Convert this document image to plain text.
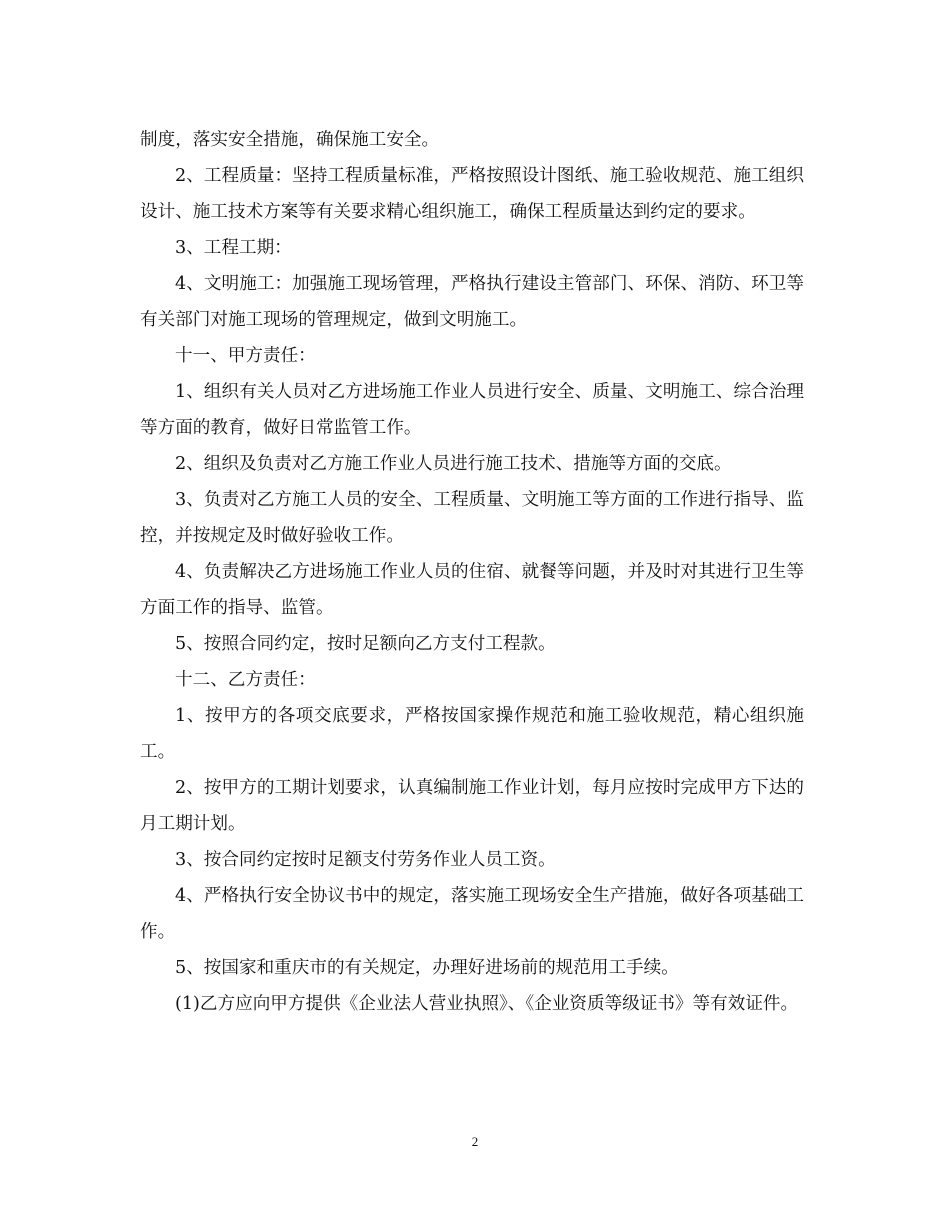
制度，落实安全措施，确保施工安全。

2、工程质量：坚持工程质量标准，严格按照设计图纸、施工验收规范、施工组织设计、施工技术方案等有关要求精心组织施工，确保工程质量达到约定的要求。

3、工程工期：

4、文明施工：加强施工现场管理，严格执行建设主管部门、环保、消防、环卫等有关部门对施工现场的管理规定，做到文明施工。

十一、甲方责任：

1、组织有关人员对乙方进场施工作业人员进行安全、质量、文明施工、综合治理等方面的教育，做好日常监管工作。

2、组织及负责对乙方施工作业人员进行施工技术、措施等方面的交底。

3、负责对乙方施工人员的安全、工程质量、文明施工等方面的工作进行指导、监控，并按规定及时做好验收工作。

4、负责解决乙方进场施工作业人员的住宿、就餐等问题，并及时对其进行卫生等方面工作的指导、监管。

5、按照合同约定，按时足额向乙方支付工程款。

十二、乙方责任：

1、按甲方的各项交底要求，严格按国家操作规范和施工验收规范，精心组织施工。

2、按甲方的工期计划要求，认真编制施工作业计划，每月应按时完成甲方下达的月工期计划。

3、按合同约定按时足额支付劳务作业人员工资。

4、严格执行安全协议书中的规定，落实施工现场安全生产措施，做好各项基础工作。

5、按国家和重庆市的有关规定，办理好进场前的规范用工手续。

(1)乙方应向甲方提供《企业法人营业执照》、《企业资质等级证书》等有效证件。

2
